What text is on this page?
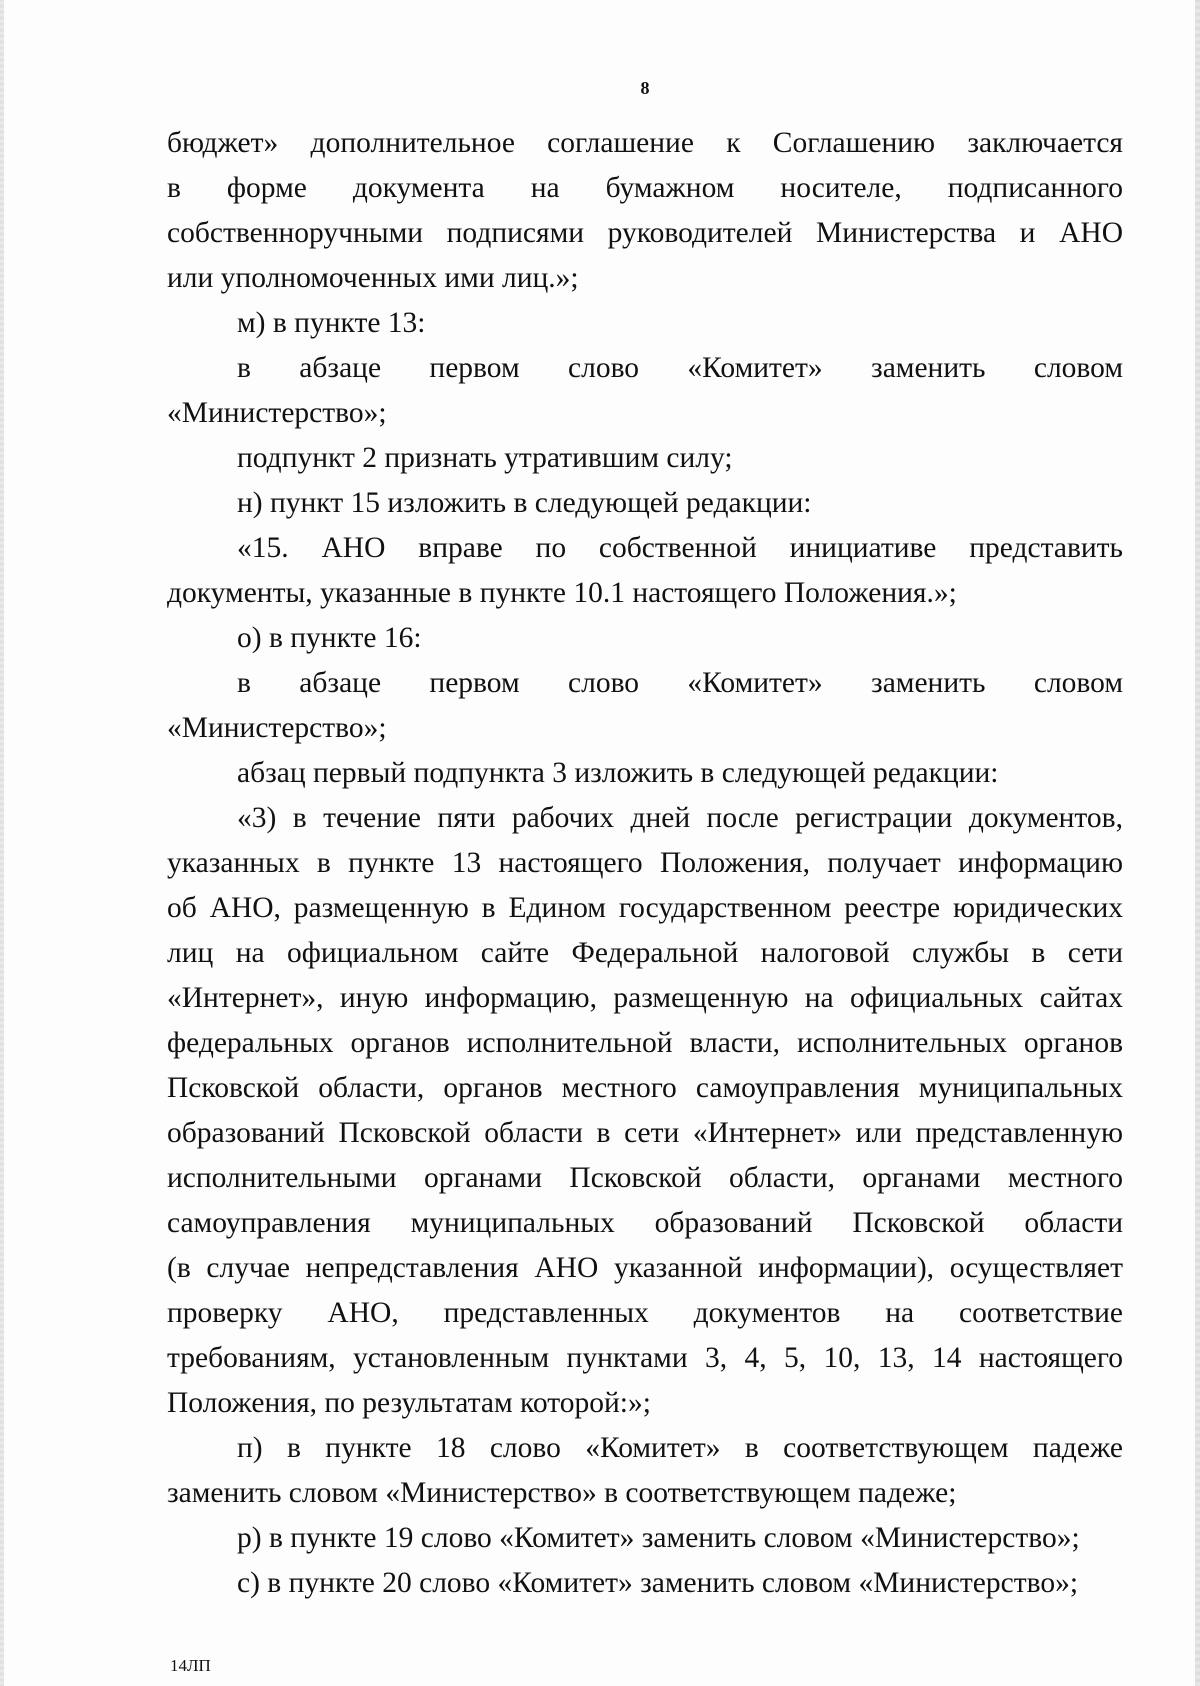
8

бюджет» дополнительное соглашение к Соглашению заключается

в форме документа на бумажном носителе, подписанного

собственноручными подписями руководителей Министерства и АНО

или уполномоченных ими лиц.»;

м) в пункте 13:

в абзаце первом слово «Комитет» заменить словом

«Министерство»;

подпункт 2 признать утратившим силу;

н) пункт 15 изложить в следующей редакции:

«15. АНО вправе по собственной инициативе представить

документы, указанные в пункте 10.1 настоящего Положения.»;

о) в пункте 16:

в абзаце первом слово «Комитет» заменить словом

«Министерство»;

абзац первый подпункта 3 изложить в следующей редакции:

«3) в течение пяти рабочих дней после регистрации документов,

указанных в пункте 13 настоящего Положения, получает информацию

об АНО, размещенную в Едином государственном реестре юридических

лиц на официальном сайте Федеральной налоговой службы в сети

«Интернет», иную информацию, размещенную на официальных сайтах

федеральных органов исполнительной власти, исполнительных органов

Псковской области, органов местного самоуправления муниципальных

образований Псковской области в сети «Интернет» или представленную

исполнительными органами Псковской области, органами местного

самоуправления муниципальных образований Псковской области

(в случае непредставления АНО указанной информации), осуществляет

проверку АНО, представленных документов на соответствие

требованиям, установленным пунктами 3, 4, 5, 10, 13, 14 настоящего

Положения, по результатам которой:»;

п) в пункте 18 слово «Комитет» в соответствующем падеже

заменить словом «Министерство» в соответствующем падеже;

р) в пункте 19 слово «Комитет» заменить словом «Министерство»;

с) в пункте 20 слово «Комитет» заменить словом «Министерство»;

14ЛП
